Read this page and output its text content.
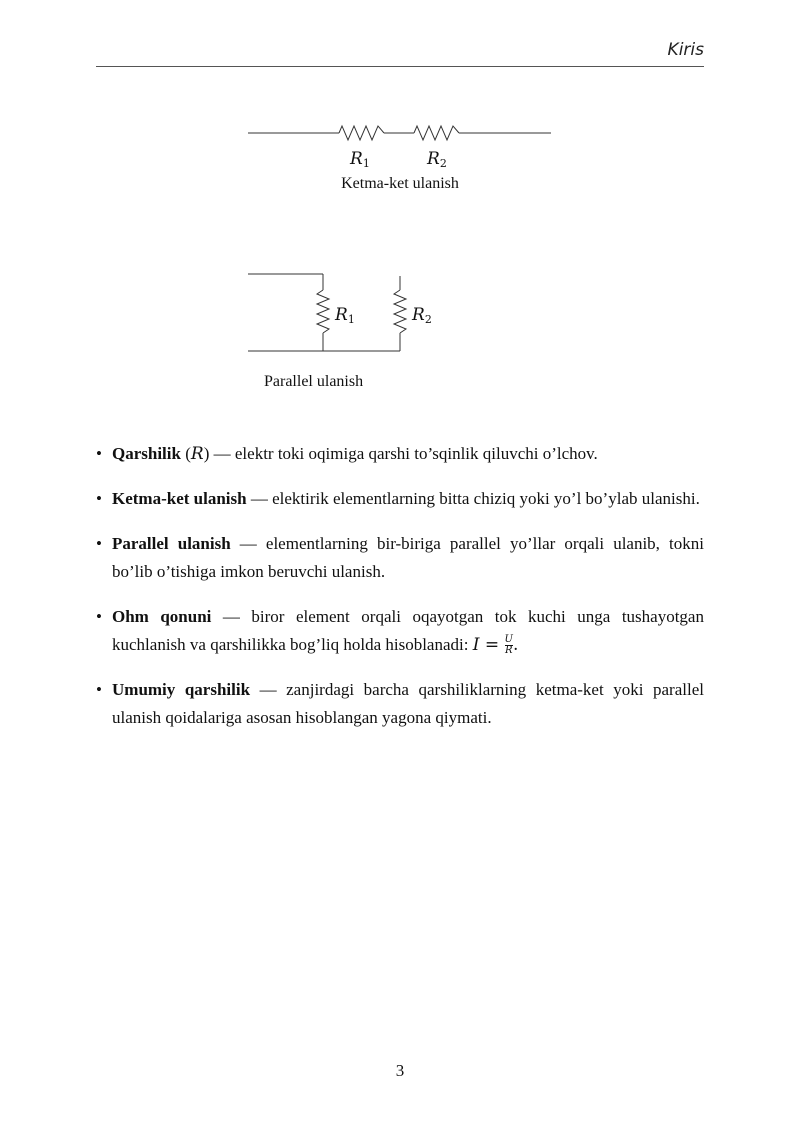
Kiris
R1	R2
Ketma-ket ulanish
R1	R2
Parallel ulanish
• Qarshilik (R) — elektr toki oqimiga qarshi to’sqinlik qiluvchi o’lchov.
• Ketma-ket ulanish — elektirik elementlarning bitta chiziq yoki yo’l bo’ylab ulanishi.
• Parallel ulanish — elementlarning bir-biriga parallel yo’llar orqali ulanib, tokni bo’lib o’tishiga imkon beruvchi ulanish.
• Ohm qonuni — biror element orqali oqayotgan tok kuchi unga tushayotgan kuchlanish va qarshilikka bog’liq holda hisoblanadi: $I = \frac{U}{R}$ .
• Umumiy qarshilik — zanjirdagi barcha qarshiliklarning ketma-ket yoki parallel ulanish qoidalariga asosan hisoblangan yagona qiymati.
3
